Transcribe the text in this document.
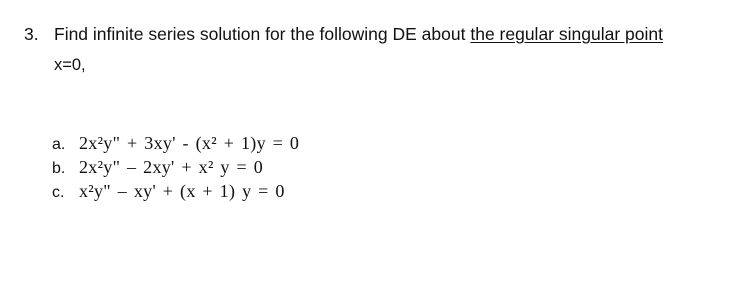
3. Find infinite series solution for the following DE about the regular singular point
x=0,
a. 2x²y" + 3xy' - (x² + 1)y = 0
b. 2x²y" – 2xy' + x² y = 0
c. x²y" – xy' + (x + 1) y = 0
